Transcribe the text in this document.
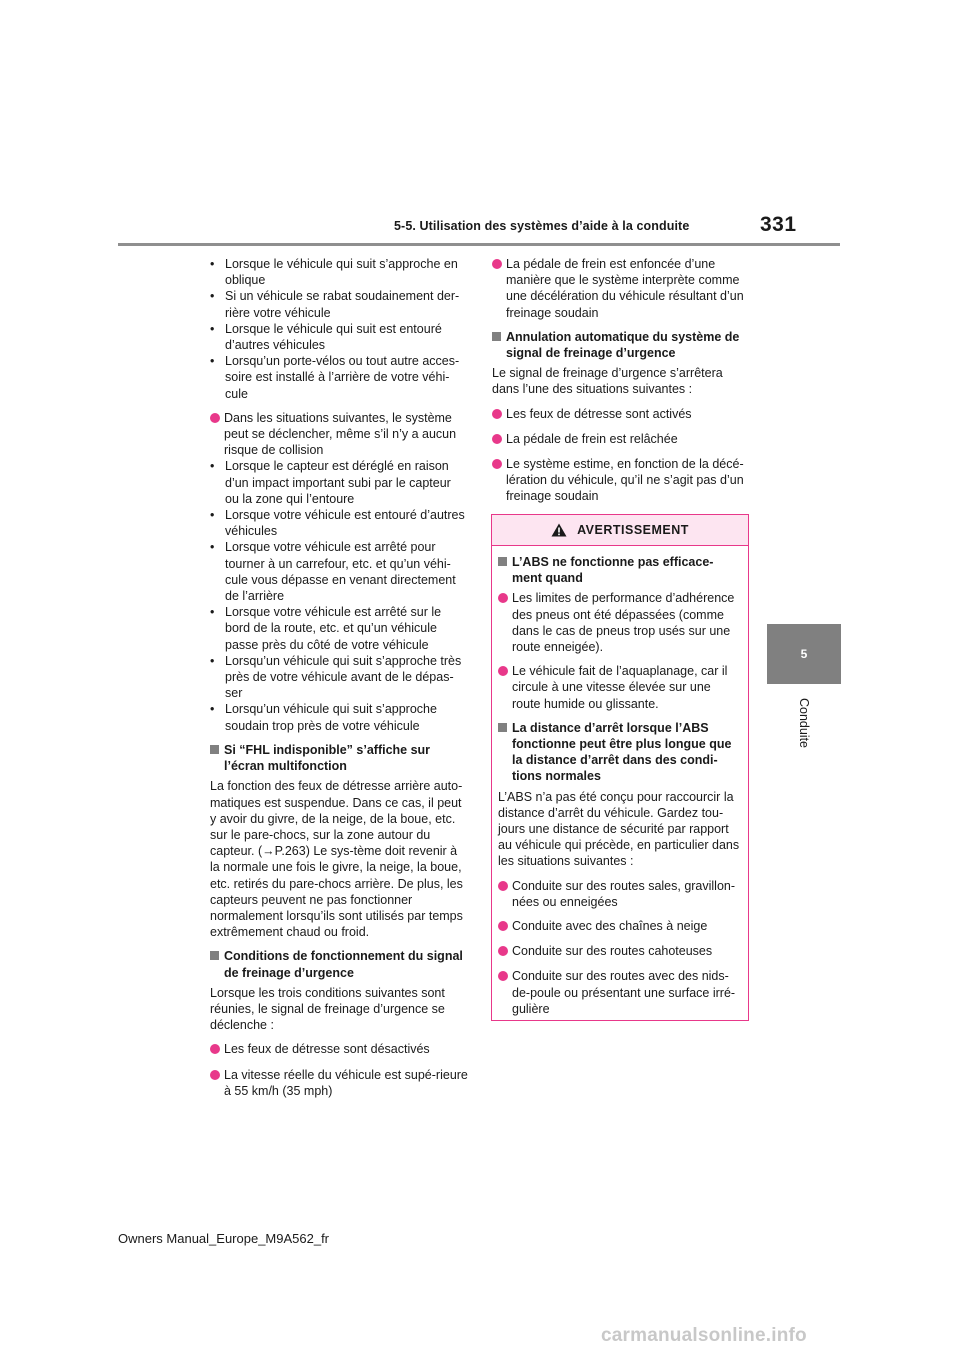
5-5. Utilisation des systèmes d’aide à la conduite	331
5
Conduite
• Lorsque le véhicule qui suit s’approche en oblique
• Si un véhicule se rabat soudainement der-rière votre véhicule
• Lorsque le véhicule qui suit est entouré d’autres véhicules
• Lorsqu’un porte-vélos ou tout autre acces-soire est installé à l’arrière de votre véhi-cule
Dans les situations suivantes, le système peut se déclencher, même s’il n’y a aucun risque de collision
• Lorsque le capteur est déréglé en raison d’un impact important subi par le capteur ou la zone qui l’entoure
• Lorsque votre véhicule est entouré d’autres véhicules
• Lorsque votre véhicule est arrêté pour tourner à un carrefour, etc. et qu’un véhi-cule vous dépasse en venant directement de l’arrière
• Lorsque votre véhicule est arrêté sur le bord de la route, etc. et qu’un véhicule passe près du côté de votre véhicule
• Lorsqu’un véhicule qui suit s’approche très près de votre véhicule avant de le dépas-ser
• Lorsqu’un véhicule qui suit s’approche soudain trop près de votre véhicule
Si “FHL indisponible” s’affiche sur l’écran multifonction

La fonction des feux de détresse arrière auto-matiques est suspendue. Dans ce cas, il peut y avoir du givre, de la neige, de la boue, etc. sur le pare-chocs, sur la zone autour du capteur. (→P.263) Le sys-tème doit revenir à la normale une fois le givre, la neige, la boue, etc. retirés du pare-chocs arrière. De plus, les capteurs peuvent ne pas fonctionner normalement lorsqu’ils sont utilisés par temps extrêmement chaud ou froid.

Conditions de fonctionnement du signal de freinage d’urgence

Lorsque les trois conditions suivantes sont réunies, le signal de freinage d’urgence se déclenche :

Les feux de détresse sont désactivés
La vitesse réelle du véhicule est supé-rieure à 55 km/h (35 mph)
La pédale de frein est enfoncée d’une manière que le système interprète comme une décélération du véhicule résultant d’un freinage soudain
Annulation automatique du système de signal de freinage d’urgence

Le signal de freinage d’urgence s’arrêtera dans l’une des situations suivantes :

Les feux de détresse sont activés
La pédale de frein est relâchée
Le système estime, en fonction de la décé-lération du véhicule, qu’il ne s’agit pas d’un freinage soudain
AVERTISSEMENT
L’ABS ne fonctionne pas efficace-ment quand
Les limites de performance d’adhérence des pneus ont été dépassées (comme dans le cas de pneus trop usés sur une route enneigée).
Le véhicule fait de l’aquaplanage, car il circule à une vitesse élevée sur une route humide ou glissante.
La distance d’arrêt lorsque l’ABS fonctionne peut être plus longue que la distance d’arrêt dans des condi-tions normales

L’ABS n’a pas été conçu pour raccourcir la distance d’arrêt du véhicule. Gardez tou-jours une distance de sécurité par rapport au véhicule qui précède, en particulier dans les situations suivantes :

Conduite sur des routes sales, gravillon-nées ou enneigées
Conduite avec des chaînes à neige
Conduite sur des routes cahoteuses
Conduite sur des routes avec des nids-de-poule ou présentant une surface irré-gulière
Owners Manual_Europe_M9A562_fr
carmanualsonline.info
